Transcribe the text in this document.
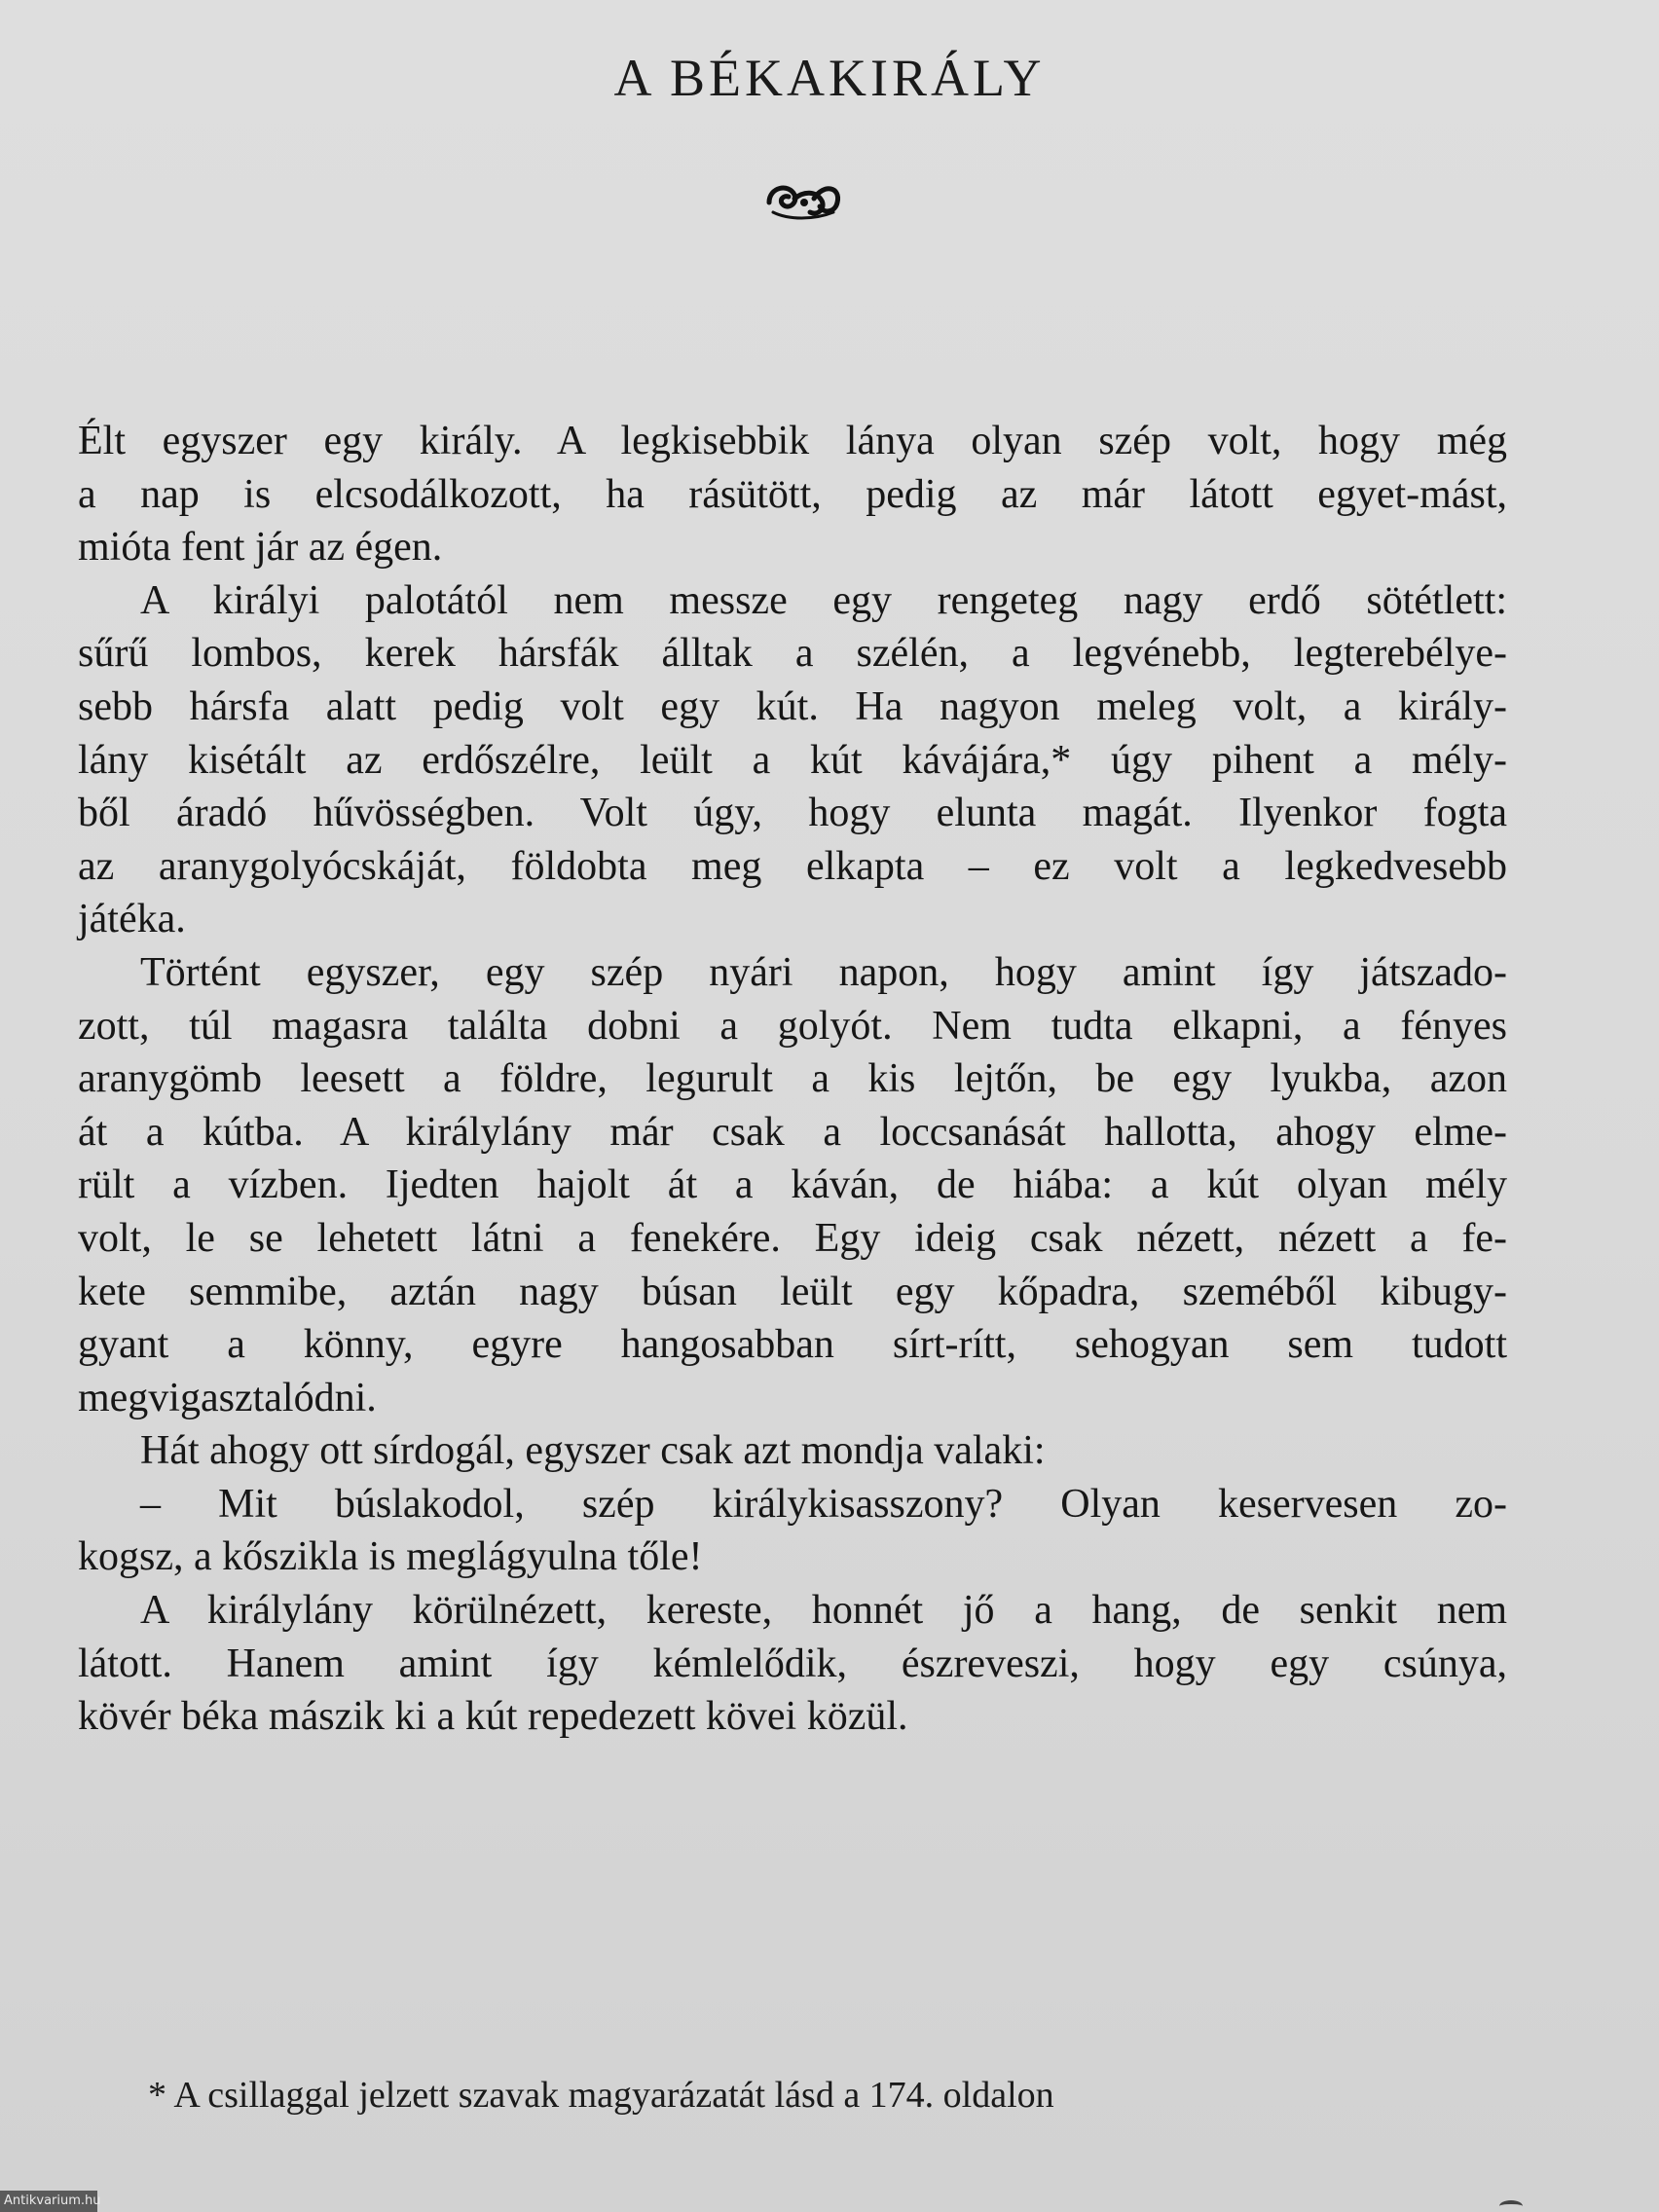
A BÉKAKIRÁLY
Élt egyszer egy király. A legkisebbik lánya olyan szép volt, hogy még
a nap is elcsodálkozott, ha rásütött, pedig az már látott egyet-mást,
mióta fent jár az égen.
A királyi palotától nem messze egy rengeteg nagy erdő sötétlett:
sűrű lombos, kerek hársfák álltak a szélén, a legvénebb, legterebélye-
sebb hársfa alatt pedig volt egy kút. Ha nagyon meleg volt, a király-
lány kisétált az erdőszélre, leült a kút kávájára,* úgy pihent a mély-
ből áradó hűvösségben. Volt úgy, hogy elunta magát. Ilyenkor fogta
az aranygolyócskáját, földobta meg elkapta – ez volt a legkedvesebb
játéka.
Történt egyszer, egy szép nyári napon, hogy amint így játszado-
zott, túl magasra találta dobni a golyót. Nem tudta elkapni, a fényes
aranygömb leesett a földre, legurult a kis lejtőn, be egy lyukba, azon
át a kútba. A királylány már csak a loccsanását hallotta, ahogy elme-
rült a vízben. Ijedten hajolt át a káván, de hiába: a kút olyan mély
volt, le se lehetett látni a fenekére. Egy ideig csak nézett, nézett a fe-
kete semmibe, aztán nagy búsan leült egy kőpadra, szeméből kibugy-
gyant a könny, egyre hangosabban sírt-rítt, sehogyan sem tudott
megvigasztalódni.
Hát ahogy ott sírdogál, egyszer csak azt mondja valaki:
– Mit búslakodol, szép királykisasszony? Olyan keservesen zo-
kogsz, a kőszikla is meglágyulna tőle!
A királylány körülnézett, kereste, honnét jő a hang, de senkit nem
látott. Hanem amint így kémlelődik, észreveszi, hogy egy csúnya,
kövér béka mászik ki a kút repedezett kövei közül.
* A csillaggal jelzett szavak magyarázatát lásd a 174. oldalon
Antikvarium.hu
